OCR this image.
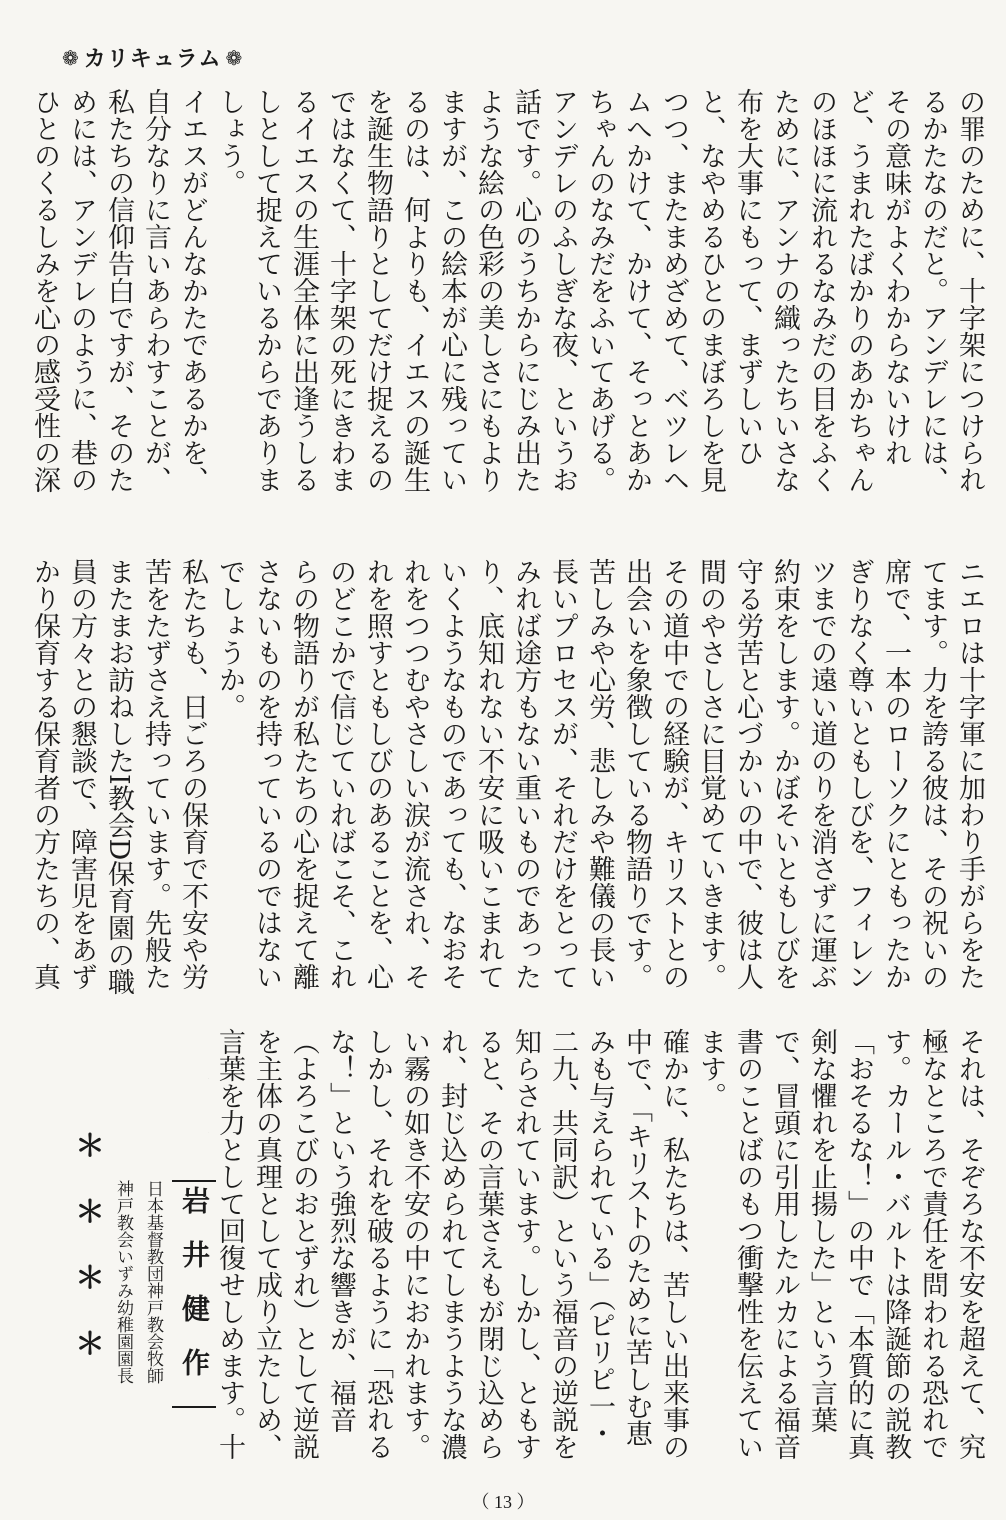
❁ カリキュラム ❁

の罪のために、十字架につけられるかたなのだと。アンデレには、その意味がよくわからないけれど、うまれたばかりのあかちゃんのほほに流れるなみだの目をふくために、アンナの織ったちいさな布を大事にもって、まずしいひと、なやめるひとのまぼろしを見つつ、またまめざめて、ベツレヘムへかけて、かけて、そっとあかちゃんのなみだをふいてあげる。アンデレのふしぎな夜、というお話です。心のうちからにじみ出たような絵の色彩の美しさにもよりますが、この絵本が心に残っているのは、何よりも、イエスの誕生を誕生物語りとしてだけ捉えるのではなくて、十字架の死にきわまるイエスの生涯全体に出逢うしるしとして捉えているからでありましょう。

イエスがどんなかたであるかを、自分なりに言いあらわすことが、私たちの信仰告白ですが、そのためには、アンデレのように、巷のひとのくるしみを心の感受性の深

ニエロは十字軍に加わり手がらをたてます。力を誇る彼は、その祝いの席で、一本のローソクにともったかぎりなく尊いともしびを、フィレンツまでの遠い道のりを消さずに運ぶ約束をします。かぼそいともしびを守る労苦と心づかいの中で、彼は人間のやさしさに目覚めていきます。その道中での経験が、キリストとの出会いを象徴している物語りです。

苦しみや心労、悲しみや難儀の長い長いプロセスが、それだけをとってみれば途方もない重いものであったり、底知れない不安に吸いこまれていくようなものであっても、なおそれをつつむやさしい涙が流され、それを照すともしびのあることを、心のどこかで信じていればこそ、これらの物語りが私たちの心を捉えて離さないものを持っているのではないでしょうか。

私たちも、日ごろの保育で不安や労苦をたずさえ持っています。先般たまたまお訪ねしたI教会D保育園の職員の方々との懇談で、障害児をあずかり保育する保育者の方たちの、真

それは、そぞろな不安を超えて、究極なところで責任を問われる恐れです。カール・バルトは降誕節の説教「おそるな！」の中で「本質的に真剣な懼れを止揚した」という言葉で、冒頭に引用したルカによる福音書のことばのもつ衝撃性を伝えています。

確かに、私たちは、苦しい出来事の中で、「キリストのために苦しむ恵みも与えられている」（ピリピ一・二九、共同訳）という福音の逆説を知らされています。しかし、ともすると、その言葉さえもが閉じ込められ、封じ込められてしまうような濃い霧の如き不安の中におかれます。しかし、それを破るように「恐れるな！」という強烈な響きが、福音（よろこびのおとずれ）として逆説を主体の真理として成り立たしめ、言葉を力として回復せしめます。十

＊＊＊＊	岩井健作
日本基督教団神戸教会牧師
神戸教会いずみ幼稚園園長
（ 13 ）
